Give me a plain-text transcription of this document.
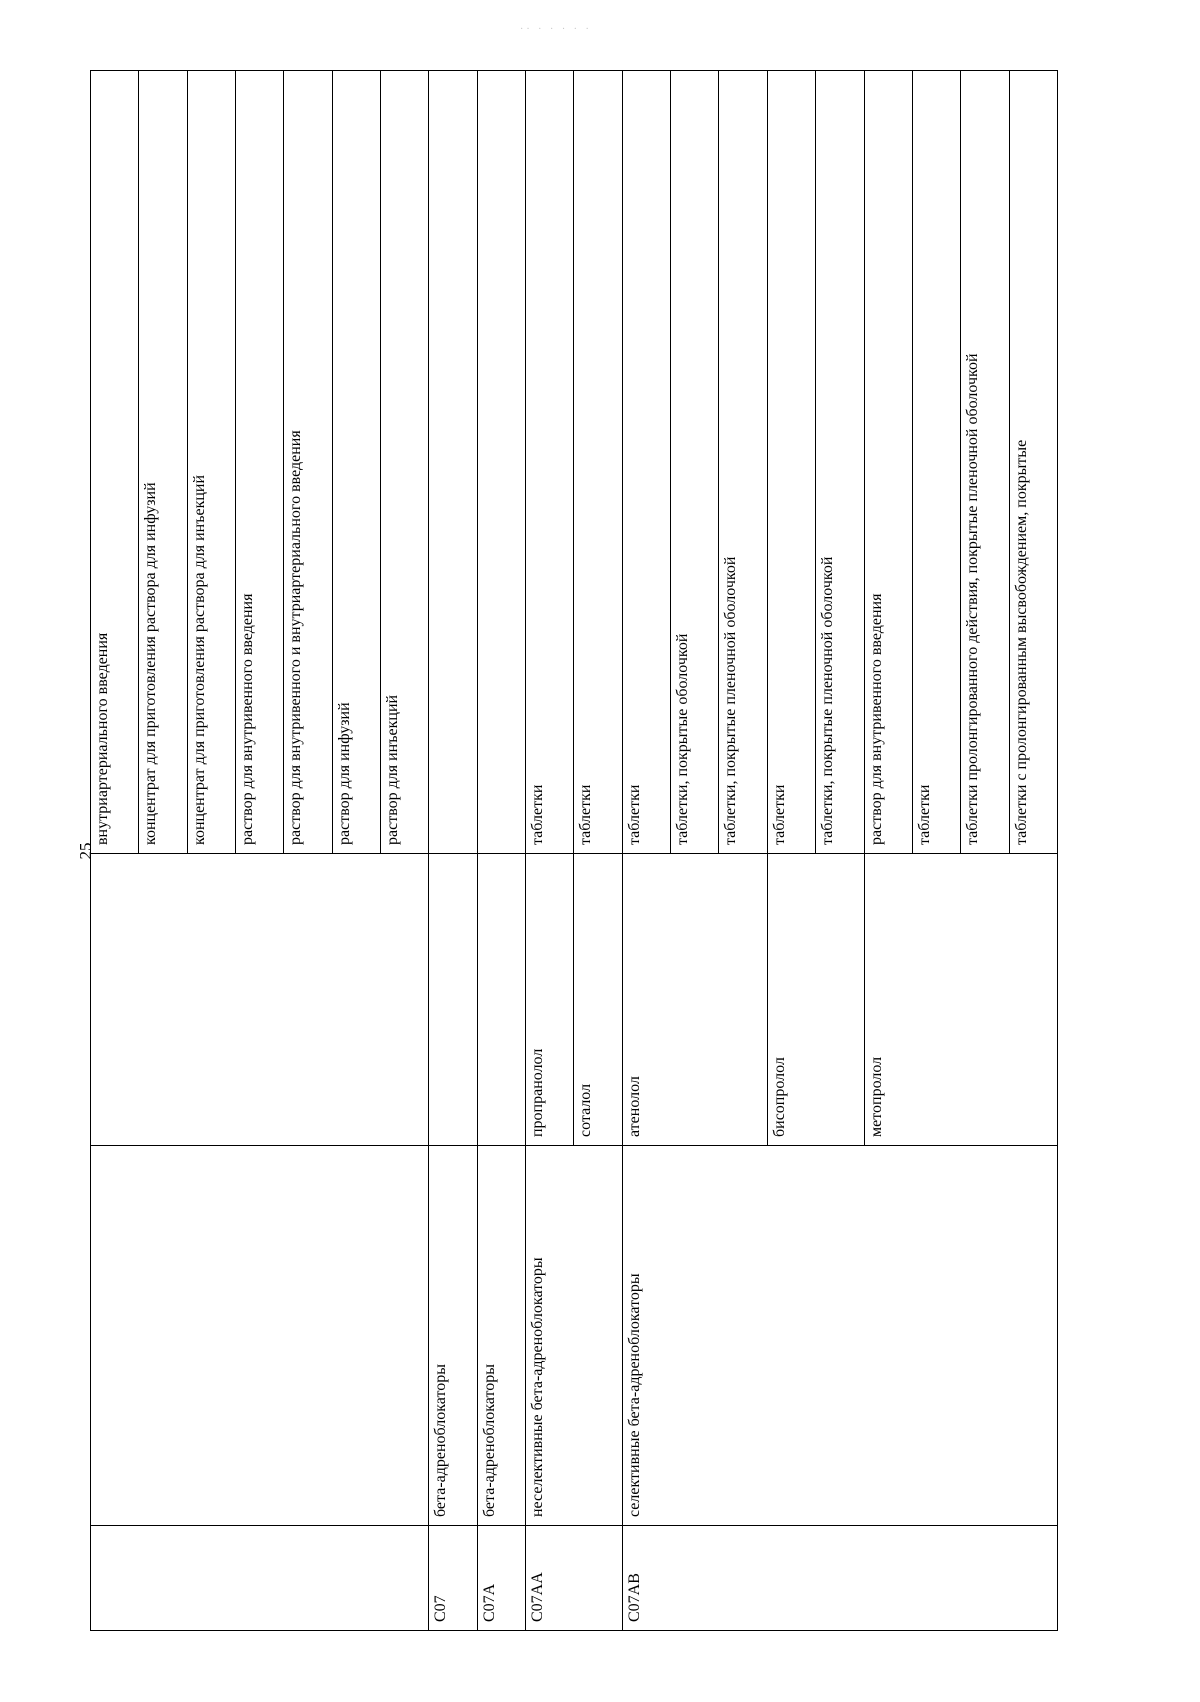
·· · · · · ·
25
			внутриартериального введения
			концентрат для приготовления раствора для инфузий
			концентрат для приготовления раствора для инъекций
			раствор для внутривенного введения
			раствор для внутривенного и внутриартериального введения
			раствор для инфузий
			раствор для инъекций
C07	бета-адреноблокаторы		
C07A	бета-адреноблокаторы		
C07AA	неселективные бета-адреноблокаторы	пропранолол	таблетки
		соталол	таблетки
C07AB	селективные бета-адреноблокаторы	атенолол	таблетки
			таблетки, покрытые оболочкой
			таблетки, покрытые пленочной оболочкой
		бисопролол	таблетки
			таблетки, покрытые пленочной оболочкой
		метопролол	раствор для внутривенного введения
			таблетки
			таблетки пролонгированного действия, покрытые пленочной оболочкой
			таблетки с пролонгированным высвобождением, покрытые
